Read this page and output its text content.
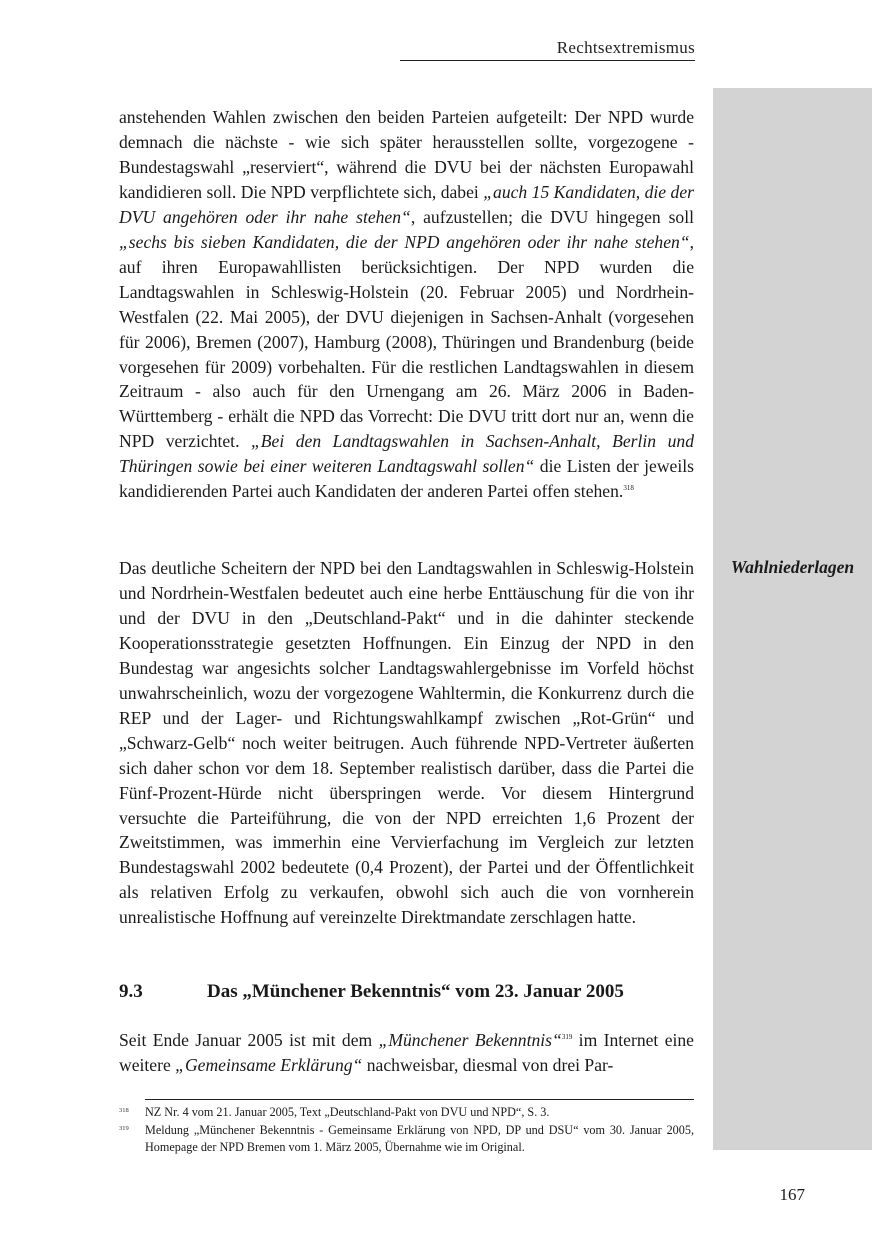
Rechtsextremismus
Wahlniederlagen

anstehenden Wahlen zwischen den beiden Parteien aufgeteilt: Der NPD wurde demnach die nächste - wie sich später herausstellen sollte, vorgezogene - Bundestagswahl „reserviert“, während die DVU bei der nächsten Europawahl kandidieren soll. Die NPD verpflichtete sich, dabei „auch 15 Kandidaten, die der DVU angehören oder ihr nahe stehen“, aufzustellen; die DVU hingegen soll „sechs bis sieben Kandidaten, die der NPD angehören oder ihr nahe stehen“, auf ihren Europawahllisten berücksichtigen. Der NPD wurden die Landtagswahlen in Schleswig-Holstein (20. Februar 2005) und Nordrhein-Westfalen (22. Mai 2005), der DVU diejenigen in Sachsen-Anhalt (vorgesehen für 2006), Bremen (2007), Hamburg (2008), Thüringen und Brandenburg (beide vorgesehen für 2009) vorbehalten. Für die restlichen Landtagswahlen in diesem Zeitraum - also auch für den Urnengang am 26. März 2006 in Baden-Württemberg - erhält die NPD das Vorrecht: Die DVU tritt dort nur an, wenn die NPD verzichtet. „Bei den Landtagswahlen in Sachsen-Anhalt, Berlin und Thüringen sowie bei einer weiteren Landtagswahl sollen“ die Listen der jeweils kandidierenden Partei auch Kandidaten der anderen Partei offen stehen.$^{318}$

Das deutliche Scheitern der NPD bei den Landtagswahlen in Schleswig-Holstein und Nordrhein-Westfalen bedeutet auch eine herbe Enttäuschung für die von ihr und der DVU in den „Deutschland-Pakt“ und in die dahinter steckende Kooperationsstrategie gesetzten Hoffnungen. Ein Einzug der NPD in den Bundestag war angesichts solcher Landtagswahlergebnisse im Vorfeld höchst unwahrscheinlich, wozu der vorgezogene Wahltermin, die Konkurrenz durch die REP und der Lager- und Richtungswahlkampf zwischen „Rot-Grün“ und „Schwarz-Gelb“ noch weiter beitrugen. Auch führende NPD-Vertreter äußerten sich daher schon vor dem 18. September realistisch darüber, dass die Partei die Fünf-Prozent-Hürde nicht überspringen werde. Vor diesem Hintergrund versuchte die Parteiführung, die von der NPD erreichten 1,6 Prozent der Zweitstimmen, was immerhin eine Vervierfachung im Vergleich zur letzten Bundestagswahl 2002 bedeutete (0,4 Prozent), der Partei und der Öffentlichkeit als relativen Erfolg zu verkaufen, obwohl sich auch die von vornherein unrealistische Hoffnung auf vereinzelte Direktmandate zerschlagen hatte.

9.3	Das „Münchener Bekenntnis“ vom 23. Januar 2005

Seit Ende Januar 2005 ist mit dem „Münchener Bekenntnis“$^{319}$ im Internet eine weitere „Gemeinsame Erklärung“ nachweisbar, diesmal von drei Par-

318	NZ Nr. 4 vom 21. Januar 2005, Text „Deutschland-Pakt von DVU und NPD“, S. 3.
319	Meldung „Münchener Bekenntnis - Gemeinsame Erklärung von NPD, DP und DSU“ vom 30. Januar 2005, Homepage der NPD Bremen vom 1. März 2005, Übernahme wie im Original.
167
